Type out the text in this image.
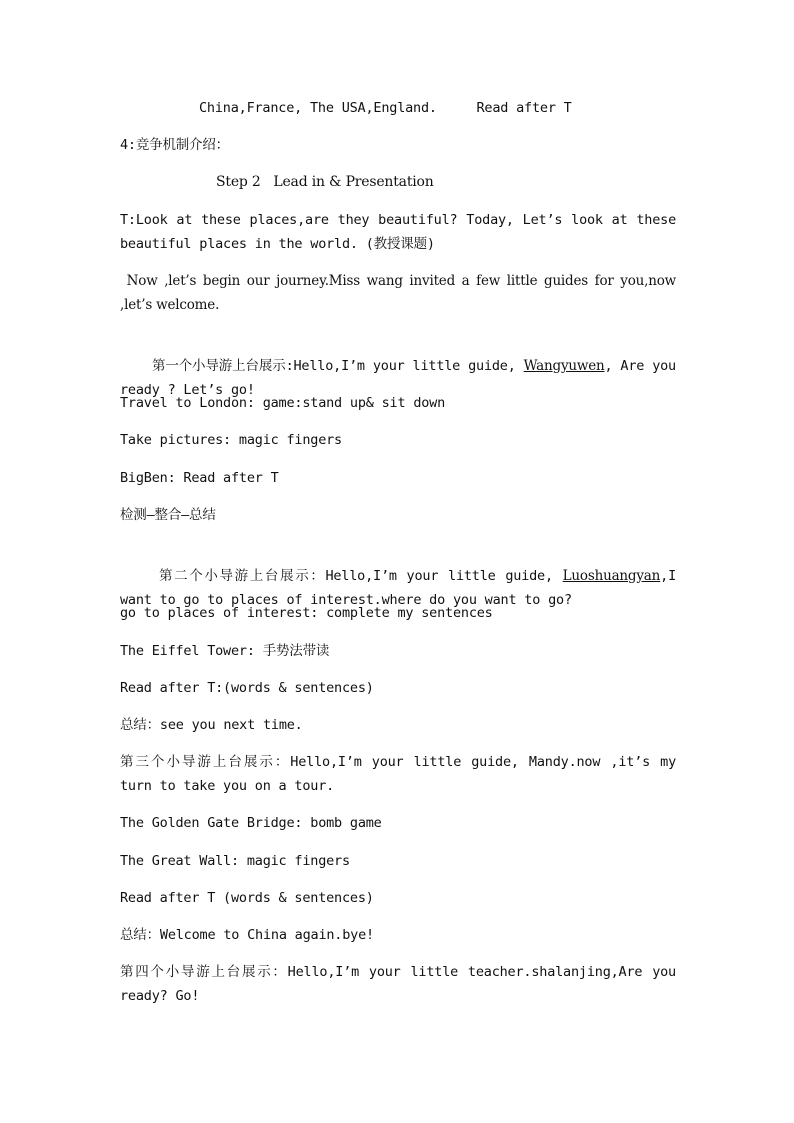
China,France, The USA,England.     Read after T
4:竞争机制介绍：
Step 2   Lead in & Presentation
T:Look at these places,are they beautiful? Today, Let’s look at these beautiful places in the world. (教授课题)
Now ,let’s begin our journey.Miss wang invited a few little guides for you,now ,let’s welcome.

第一个小导游上台展示:Hello,I’m your little guide, Wangyuwen, Are you ready ? Let’s go!

Travel to London: game:stand up& sit down
Take pictures: magic fingers
BigBen: Read after T
检测—整合—总结

第二个小导游上台展示：Hello,I’m your little guide, Luoshuangyan,I want to go to places of interest.where do you want to go?

go to places of interest: complete my sentences
The Eiffel Tower: 手势法带读
Read after T:(words & sentences)
总结：see you next time.
第三个小导游上台展示：Hello,I’m your little guide, Mandy.now ,it’s my turn to take you on a tour.
The Golden Gate Bridge: bomb game
The Great Wall: magic fingers
Read after T (words & sentences)
总结：Welcome to China again.bye!
第四个小导游上台展示：Hello,I’m your little teacher.shalanjing,Are you ready? Go!
